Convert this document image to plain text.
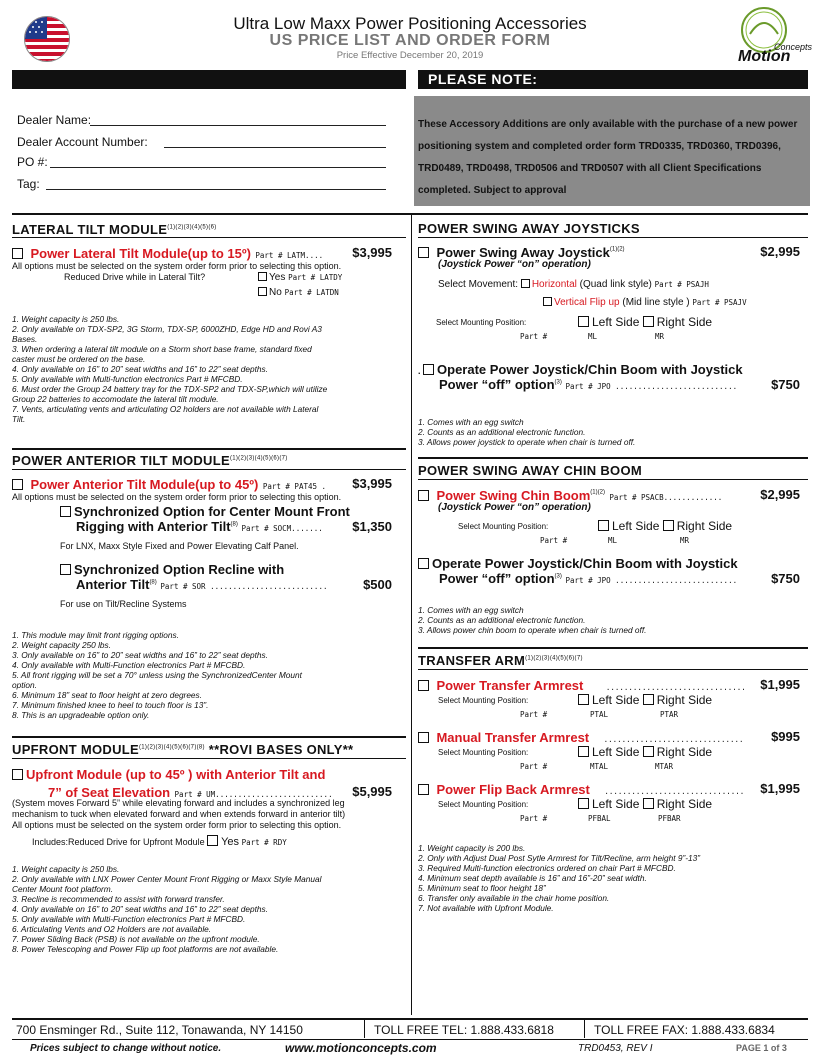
Ultra Low Maxx Power Positioning Accessories
US PRICE LIST AND ORDER FORM
Price Effective December 20, 2019
Concepts
Motion
PLEASE NOTE:
Dealer Name:
Dealer Account Number:
PO #:
Tag:
These Accessory Additions are only available with the purchase of a new power positioning system and completed order form TRD0335, TRD0360, TRD0396, TRD0489, TRD0498, TRD0506 and TRD0507 with all Client Specifications completed. Subject to approval
LATERAL TILT $MODULE^{(1)(2)(3)(4)(5)(6)}$
Power Lateral Tilt Module(up to 15º) Part # LATM.... $3,995
All options must be selected on the system order form prior to selecting this option.
Reduced Drive while in Lateral Tilt?	Yes Part # LATDY
No Part # LATDN
1. Weight capacity is 250 lbs.
2. Only available on TDX-SP2, 3G Storm, TDX-SP, 6000ZHD, Edge HD and Rovi A3
Bases.
3. When ordering a lateral tilt module on a Storm short base frame, standard fixed
caster must be ordered on the base.
4. Only available on 16” to 20” seat widths and 16” to 22” seat depths.
5. Only available with Multi-function electronics Part # MFCBD.
6. Must order the Group 24 battery tray for the TDX-SP2 and TDX-SP,which will utilize
Group 22 batteries to accomodate the lateral tilt module.
7. Vents, articulating vents and articulating O2 holders are not available with Lateral
Tilt.
POWER ANTERIOR TILT $MODULE^{(1)(2)(3)(4)(5)(6)(7)}$
Power Anterior Tilt Module(up to 45º) Part # PAT45 . $3,995
All options must be selected on the system order form prior to selecting this option.
Synchronized Option for Center Mount Front
Rigging with Anterior Tilt$^{(8)}$ Part # SOCM....... $1,350
For LNX, Maxx Style Fixed and Power Elevating Calf Panel.
Synchronized Option Recline with
Anterior Tilt$^{(8)}$ Part # SOR ..........................	$500
For use on Tilt/Recline Systems
1. This module may limit front rigging options.
2. Weight capacity 250 lbs.
3. Only available on 16” to 20” seat widths and 16” to 22” seat depths.
4. Only available with Multi-Function electronics Part # MFCBD.
5. All front rigging will be set a 70° unless using the SynchronizedCenter Mount
option.
6. Minimum 18” seat to floor height at zero degrees.
7. Minimum finished knee to heel to touch floor is 13”.
8. This is an upgradeable option only.
UPFRONT $MODULE^{(1)(2)(3)(4)(5)(6)(7)(8)}$ **ROVI BASES ONLY**
Upfront Module (up to 45º ) with Anterior Tilt and
7” of Seat Elevation Part # UM.......................... $5,995
(System moves Forward 5” while elevating forward and includes a synchronized leg
mechanism to tuck when elevated forward and when extends forward in anterior tilt)
All options must be selected on the system order form prior to selecting this option.
Includes:Reduced Drive for Upfront Module Yes Part # RDY
1. Weight capacity is 250 lbs.
2. Only available with LNX Power Center Mount Front Rigging or Maxx Style Manual
Center Mount foot platform.
3. Recline is recommended to assist with forward transfer.
4. Only available on 16” to 20” seat widths and 16” to 22” seat depths.
5. Only available with Multi-Function electronics Part # MFCBD.
6. Articulating Vents and O2 Holders are not available.
7. Power Sliding Back (PSB) is not available on the upfront module.
8. Power Telescoping and Power Flip up foot platforms are not available.
POWER SWING AWAY JOYSTICKS
Power Swing Away Joystick$^{(1)(2)}$	$2,995
(Joystick Power “on” operation)
Select Movement: Horizontal (Quad link style) Part # PSAJH
Vertical Flip up (Mid line style ) Part # PSAJV
Select Mounting Position:	Left Side Right Side
Part #	ML	MR
. Operate Power Joystick/Chin Boom with Joystick
Power “off” option$^{(3)}$ Part # JPO ...........................	$750
1. Comes with an egg switch
2. Counts as an additional electronic function.
3. Allows power joystick to operate when chair is turned off.
POWER SWING AWAY CHIN BOOM
Power Swing Chin Boom$^{(1)(2)}$ Part # PSACB.............	$2,995
(Joystick Power “on” operation)
Select Mounting Position:	Left Side Right Side
Part #	ML	MR
Operate Power Joystick/Chin Boom with Joystick
Power “off” option$^{(3)}$ Part # JPO ...........................	$750
1. Comes with an egg switch
2. Counts as an additional electronic function.
3. Allows power chin boom to operate when chair is turned off.
TRANSFER $ARM^{(1)(2)(3)(4)(5)(6)(7)}$
Power Transfer Armrest	............................... $1,995
Select Mounting Position:	Left Side Right Side
Part #	PTAL	PTAR
Manual Transfer Armrest ............................... $995
Select Mounting Position:	Left Side Right Side
Part #	MTAL	MTAR
Power Flip Back Armrest ............................... $1,995
Select Mounting Position:	Left Side Right Side
Part #	PFBAL	PFBAR
1. Weight capacity is 200 lbs.
2. Only with Adjust Dual Post Sytle Armrest for Tilt/Recline, arm height 9”-13”
3. Required Multi-function electronics ordered on chair Part # MFCBD.
4. Minimum seat depth available is 16” and 16”-20” seat width.
5. Minimum seat to floor height 18”
6. Transfer only available in the chair home position.
7. Not available with Upfront Module.
700 Ensminger Rd., Suite 112, Tonawanda, NY 14150	TOLL FREE TEL: 1.888.433.6818	TOLL FREE FAX: 1.888.433.6834
Prices subject to change without notice.	www.motionconcepts.com	TRD0453, REV I	PAGE 1 of 3
